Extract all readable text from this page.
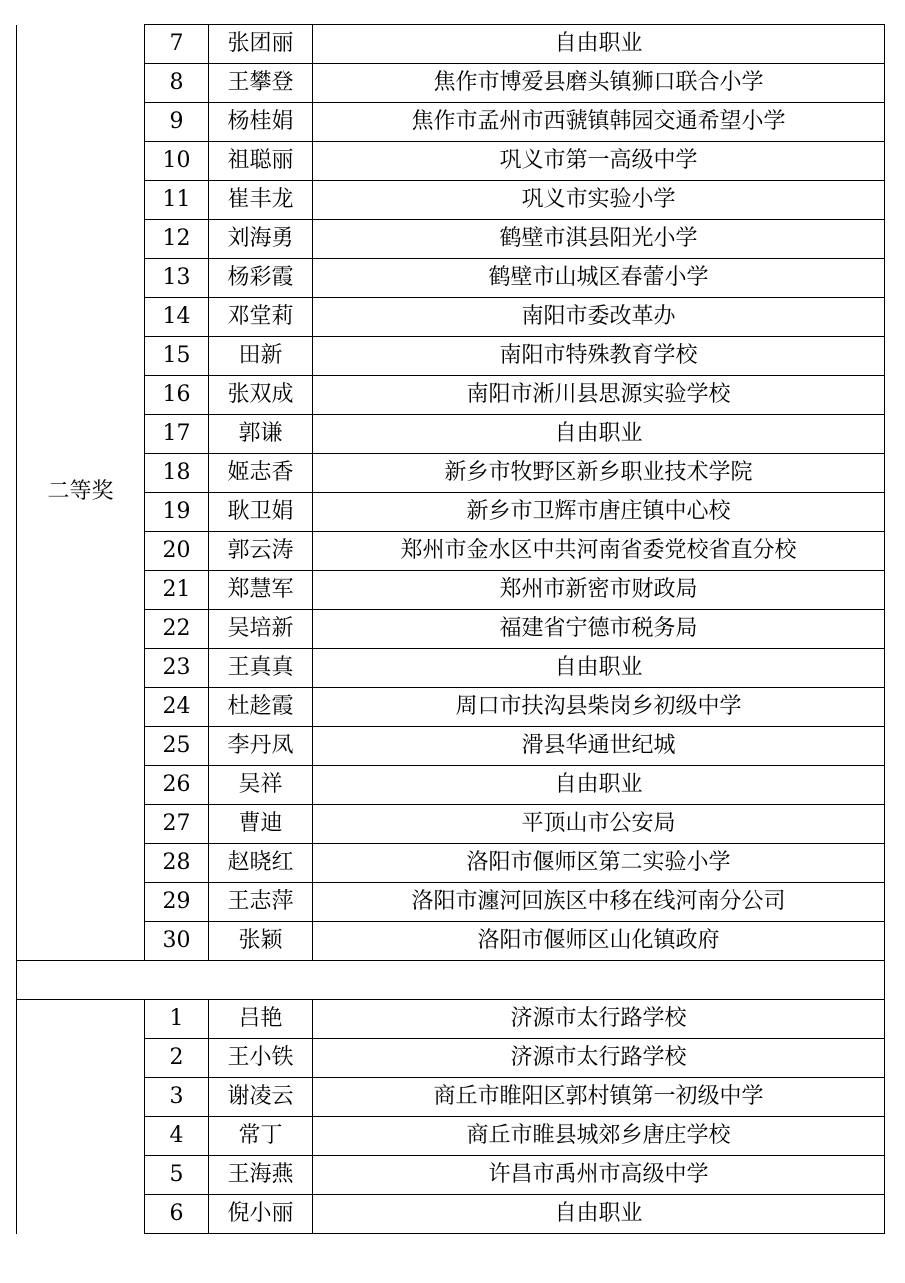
二等奖	7	张团丽	自由职业
	8	王攀登	焦作市博爱县磨头镇狮口联合小学
	9	杨桂娟	焦作市孟州市西虢镇韩园交通希望小学
	10	祖聪丽	巩义市第一高级中学
	11	崔丰龙	巩义市实验小学
	12	刘海勇	鹤壁市淇县阳光小学
	13	杨彩霞	鹤壁市山城区春蕾小学
	14	邓堂莉	南阳市委改革办
	15	田新	南阳市特殊教育学校
	16	张双成	南阳市淅川县思源实验学校
	17	郭谦	自由职业
	18	姬志香	新乡市牧野区新乡职业技术学院
	19	耿卫娟	新乡市卫辉市唐庄镇中心校
	20	郭云涛	郑州市金水区中共河南省委党校省直分校
	21	郑慧军	郑州市新密市财政局
	22	吴培新	福建省宁德市税务局
	23	王真真	自由职业
	24	杜趁霞	周口市扶沟县柴岗乡初级中学
	25	李丹凤	滑县华通世纪城
	26	吴祥	自由职业
	27	曹迪	平顶山市公安局
	28	赵晓红	洛阳市偃师区第二实验小学
	29	王志萍	洛阳市瀍河回族区中移在线河南分公司
	30	张颖	洛阳市偃师区山化镇政府

	1	吕艳	济源市太行路学校
	2	王小铁	济源市太行路学校
	3	谢凌云	商丘市睢阳区郭村镇第一初级中学
	4	常丁	商丘市睢县城郊乡唐庄学校
	5	王海燕	许昌市禹州市高级中学
	6	倪小丽	自由职业
